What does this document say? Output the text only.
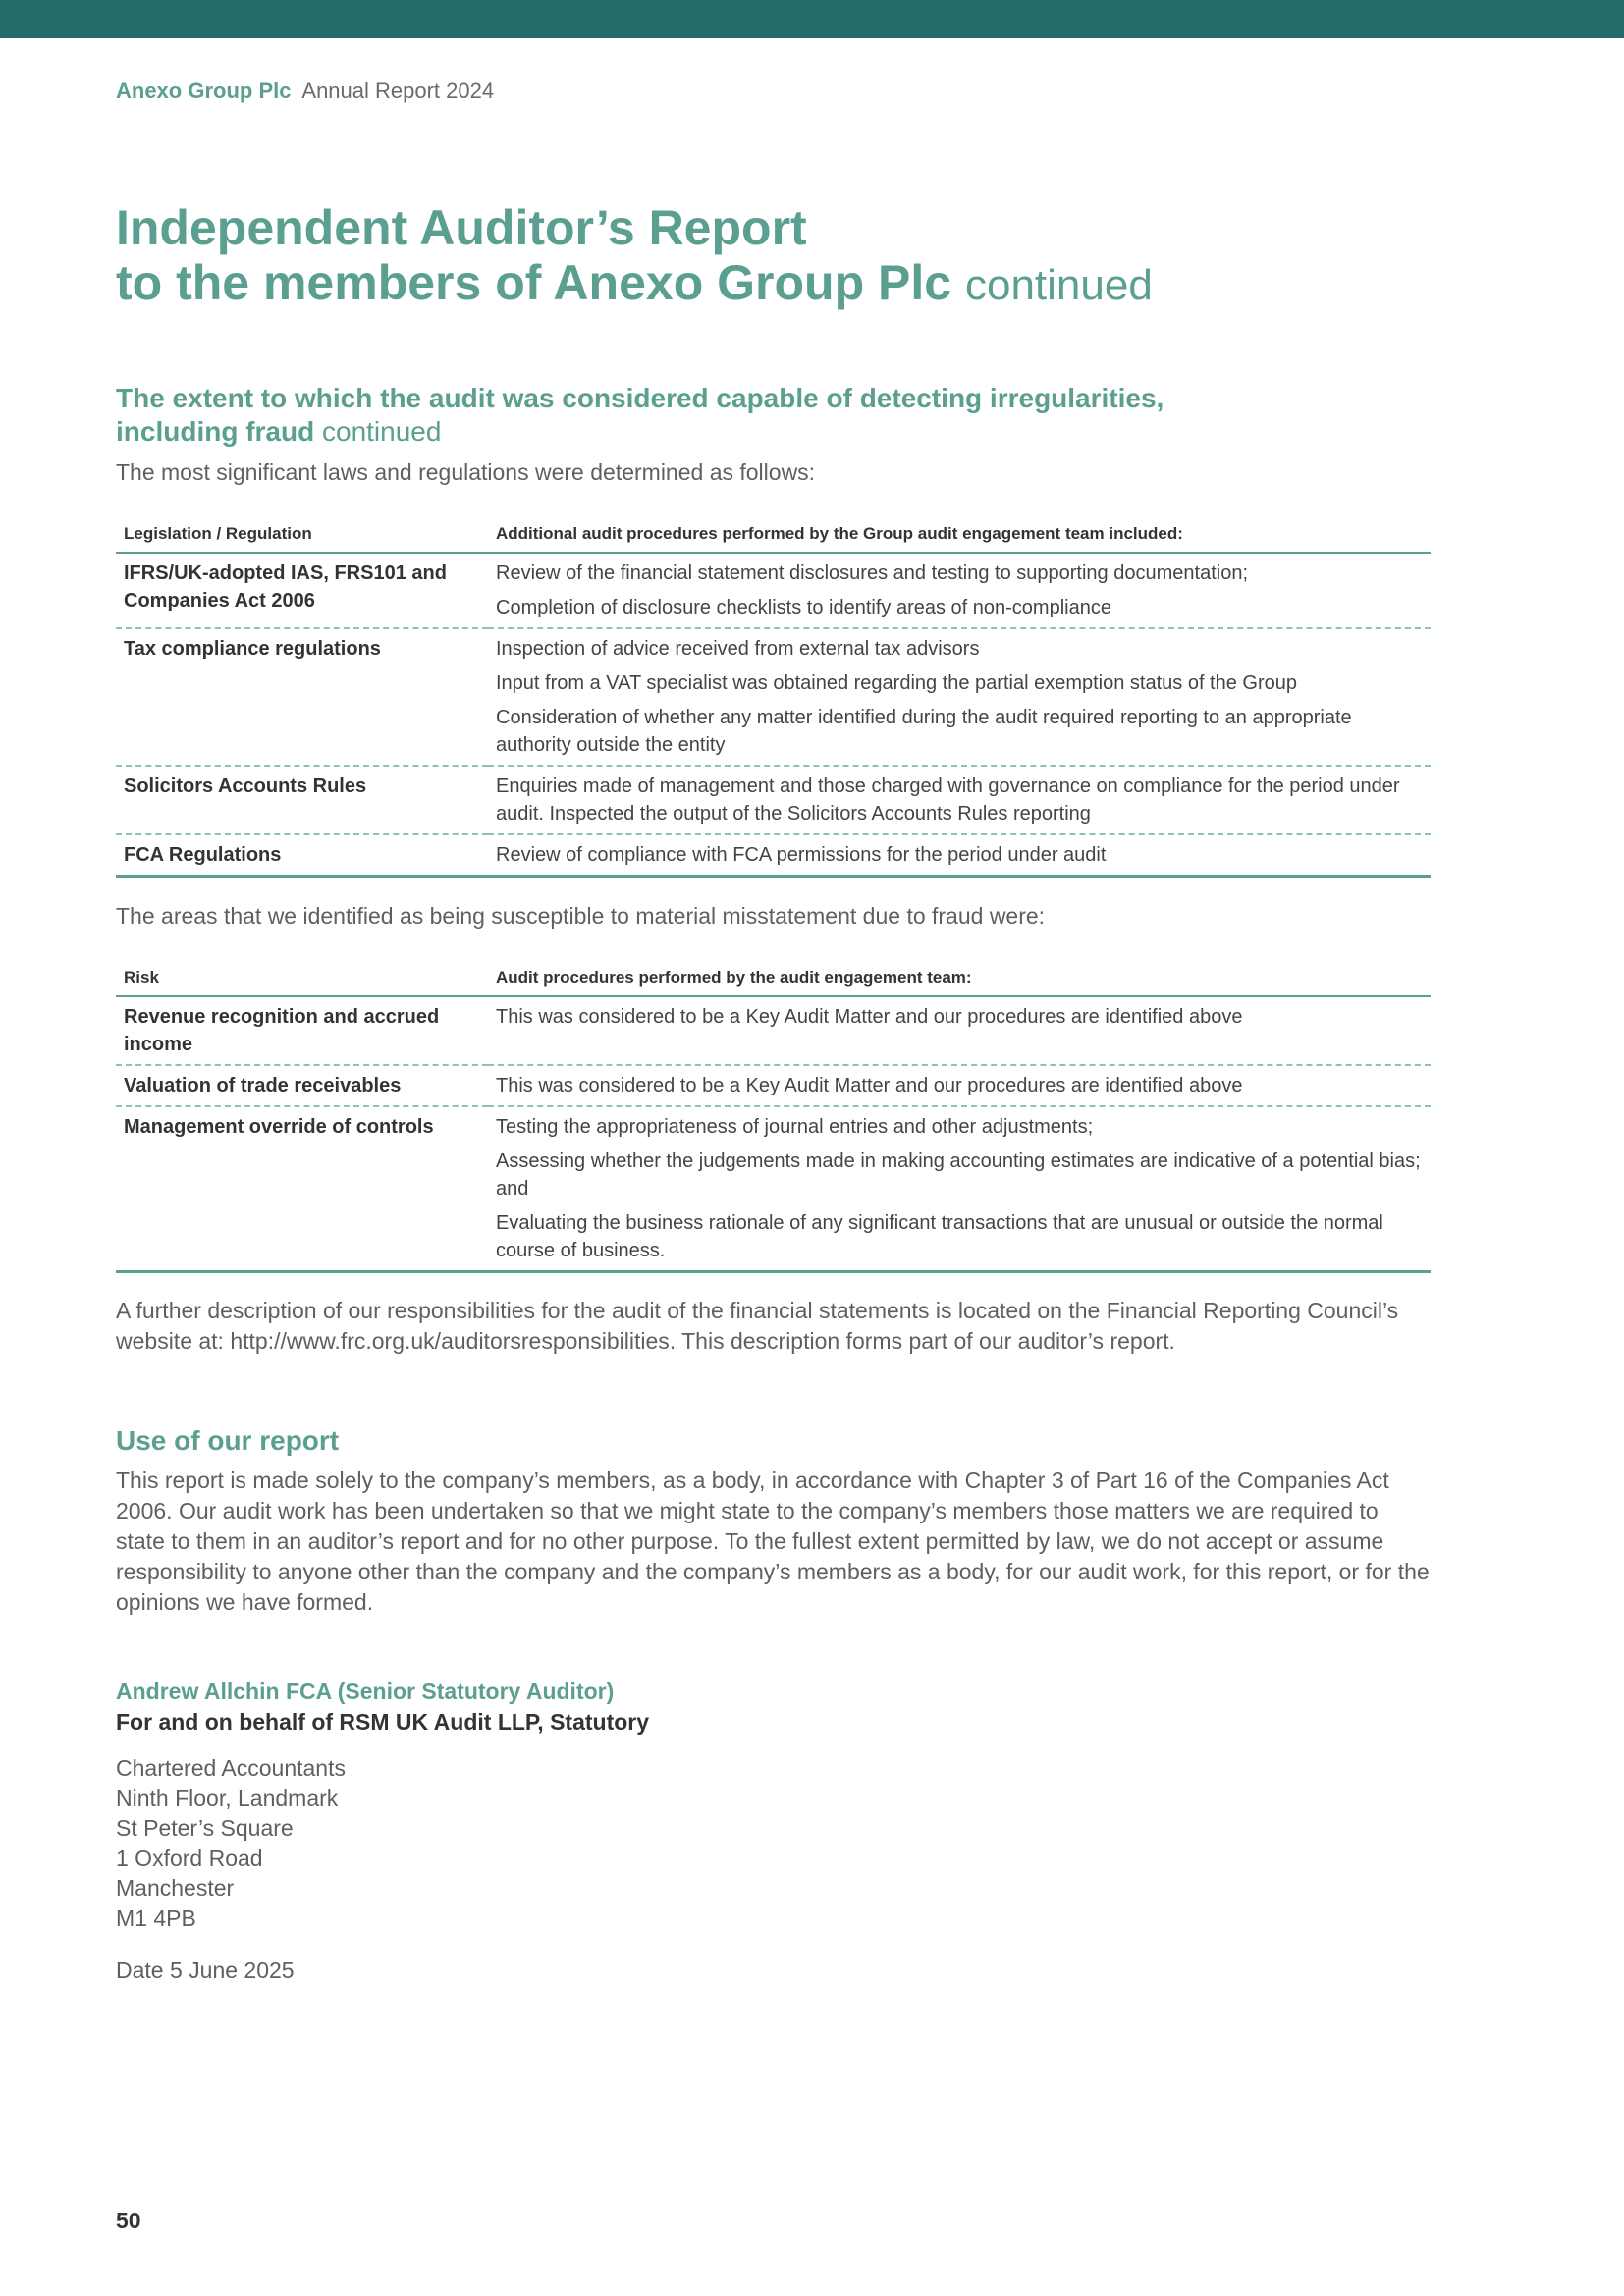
Anexo Group Plc Annual Report 2024
Independent Auditor’s Report
to the members of Anexo Group Plc continued
The extent to which the audit was considered capable of detecting irregularities,
including fraud continued
The most significant laws and regulations were determined as follows:
Legislation / Regulation	Additional audit procedures performed by the Group audit engagement team included:
IFRS/UK-adopted IAS, FRS101 and Companies Act 2006	Review of the financial statement disclosures and testing to supporting documentation;
Completion of disclosure checklists to identify areas of non-compliance

Tax compliance regulations	Inspection of advice received from external tax advisors
Input from a VAT specialist was obtained regarding the partial exemption status of the Group
Consideration of whether any matter identified during the audit required reporting to an appropriate authority outside the entity

Solicitors Accounts Rules	Enquiries made of management and those charged with governance on compliance for the period under audit. Inspected the output of the Solicitors Accounts Rules reporting

FCA Regulations	Review of compliance with FCA permissions for the period under audit
The areas that we identified as being susceptible to material misstatement due to fraud were:
Risk	Audit procedures performed by the audit engagement team:
Revenue recognition and accrued income	This was considered to be a Key Audit Matter and our procedures are identified above

Valuation of trade receivables	This was considered to be a Key Audit Matter and our procedures are identified above

Management override of controls	Testing the appropriateness of journal entries and other adjustments;
Assessing whether the judgements made in making accounting estimates are indicative of a potential bias; and
Evaluating the business rationale of any significant transactions that are unusual or outside the normal course of business.
A further description of our responsibilities for the audit of the financial statements is located on the Financial Reporting Council’s website at: http://www.frc.org.uk/auditorsresponsibilities. This description forms part of our auditor’s report.
Use of our report
This report is made solely to the company’s members, as a body, in accordance with Chapter 3 of Part 16 of the Companies Act 2006. Our audit work has been undertaken so that we might state to the company’s members those matters we are required to state to them in an auditor’s report and for no other purpose. To the fullest extent permitted by law, we do not accept or assume responsibility to anyone other than the company and the company’s members as a body, for our audit work, for this report, or for the opinions we have formed.
Andrew Allchin FCA (Senior Statutory Auditor)
For and on behalf of RSM UK Audit LLP, Statutory
Chartered Accountants
Ninth Floor, Landmark
St Peter’s Square
1 Oxford Road
Manchester
M1 4PB
Date 5 June 2025
50
